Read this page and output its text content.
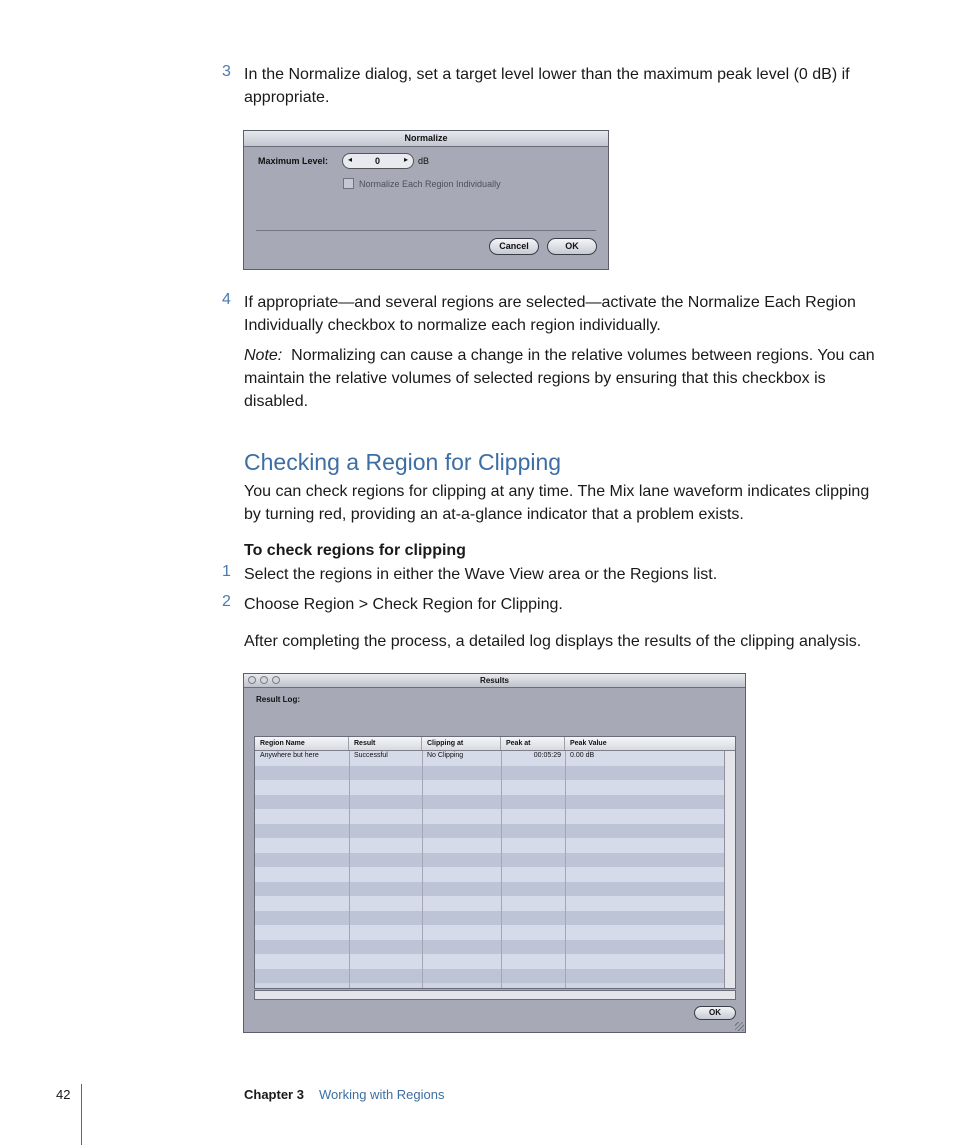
3 In the Normalize dialog, set a target level lower than the maximum peak level (0 dB) if
appropriate.
Normalize
Maximum Level: ◂	0	▸ dB
Normalize Each Region Individually
Cancel	OK
4 If appropriate—and several regions are selected—activate the Normalize Each Region
Individually checkbox to normalize each region individually.
Note: Normalizing can cause a change in the relative volumes between regions. You can
maintain the relative volumes of selected regions by ensuring that this checkbox is
disabled.
Checking a Region for Clipping
You can check regions for clipping at any time. The Mix lane waveform indicates clipping
by turning red, providing an at-a-glance indicator that a problem exists.
To check regions for clipping
1 Select the regions in either the Wave View area or the Regions list.
2 Choose Region > Check Region for Clipping.
After completing the process, a detailed log displays the results of the clipping analysis.
Results
Result Log:
Region Name	Result	Clipping at	Peak at	Peak Value
Anywhere but here	Successful	No Clipping	00:05:29	0.00 dB
OK
42	Chapter 3 Working with Regions
